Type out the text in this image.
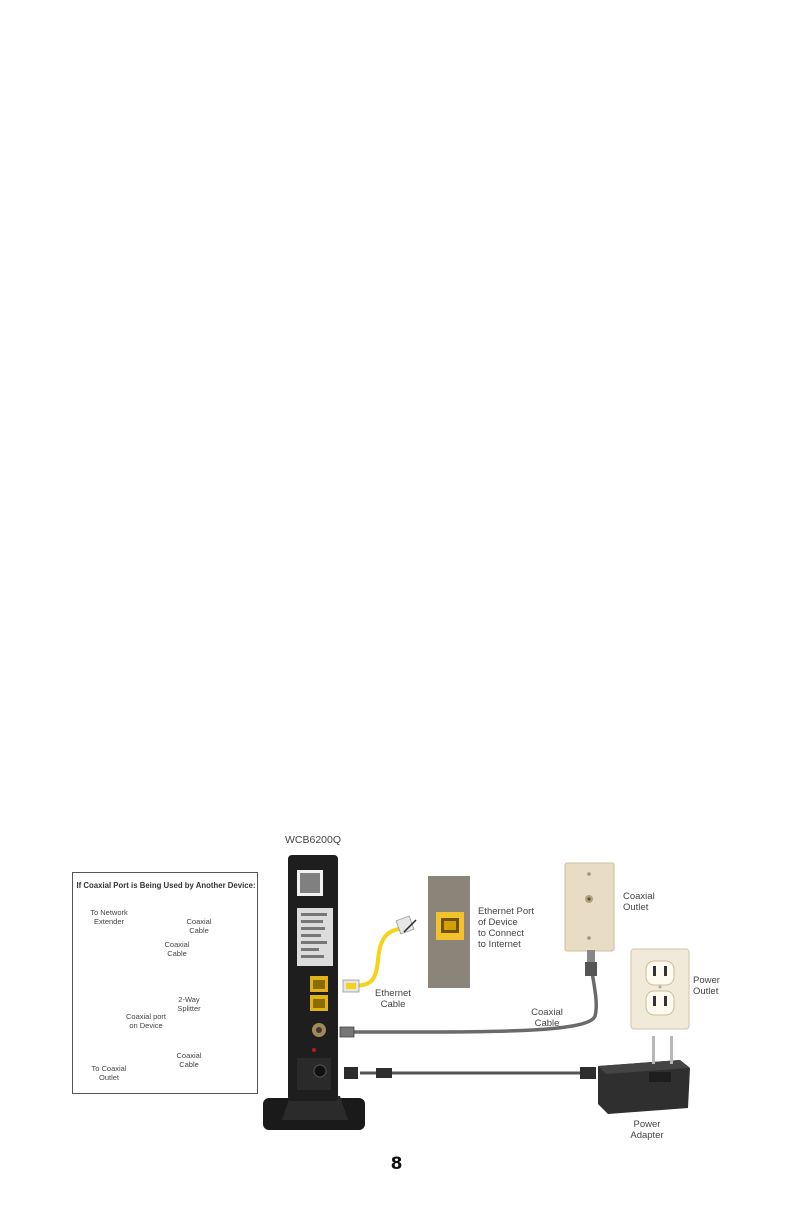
If Coaxial Port is Being Used by Another Device:
To Network
Extender	Coaxial
Cable
Coaxial
Cable
2-Way
Splitter
Coaxial port
on Device
Coaxial
Cable
To Coaxial
Outlet
WCB6200Q
Ethernet Port
of Device
to Connect
to Internet
Ethernet
Cable
Coaxial
Outlet
Power
Outlet
Coaxial
Cable
Power
Adapter
8
